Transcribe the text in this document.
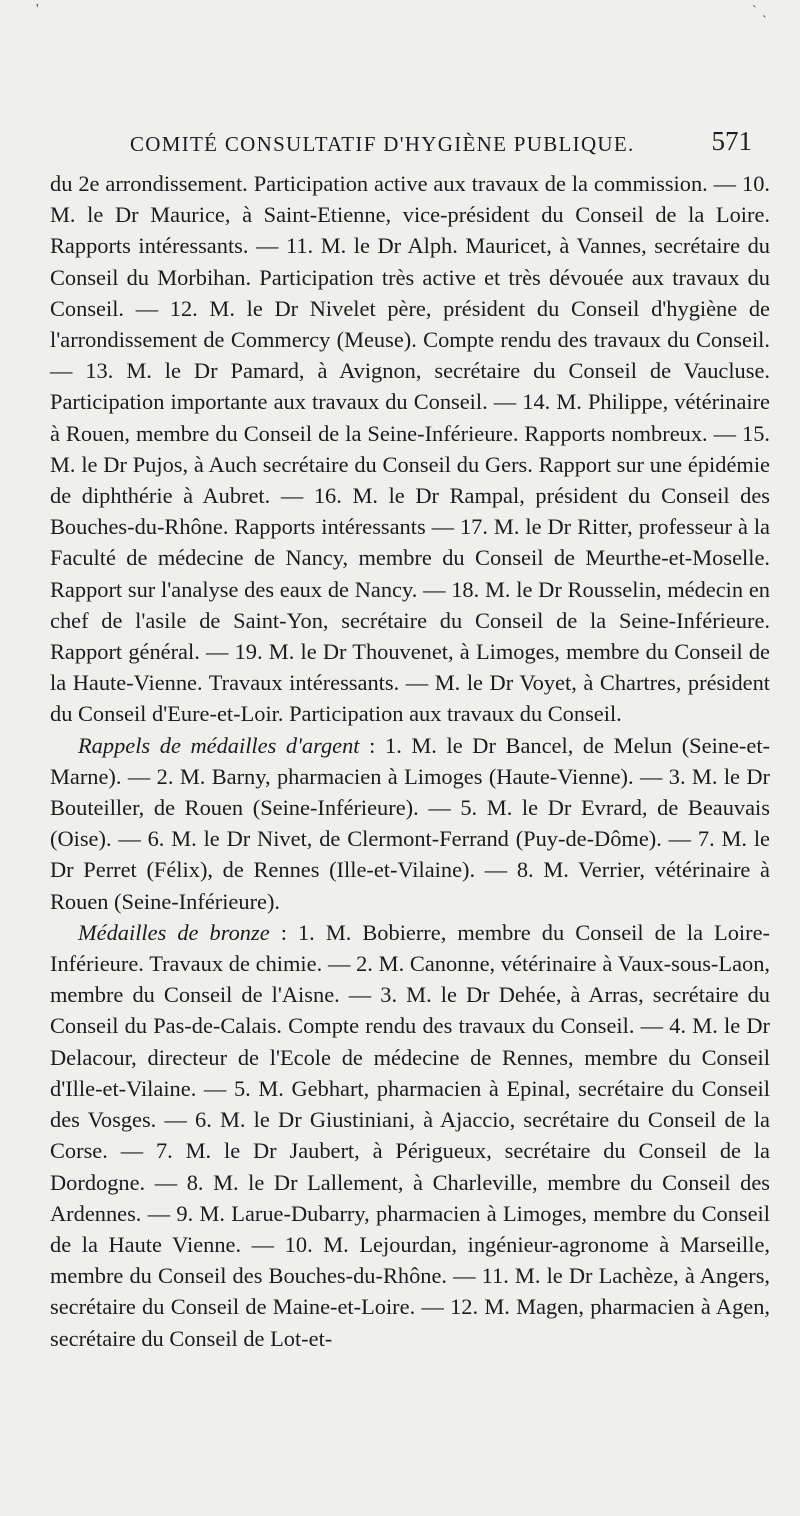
'	`
`
COMITÉ CONSULTATIF D'HYGIÈNE PUBLIQUE.	571

du 2e arrondissement. Participation active aux travaux de la commission. — 10. M. le Dr Maurice, à Saint-Etienne, vice-président du Conseil de la Loire. Rapports intéressants. — 11. M. le Dr Alph. Mauricet, à Vannes, secrétaire du Conseil du Morbihan. Participation très active et très dévouée aux travaux du Conseil. — 12. M. le Dr Nivelet père, président du Conseil d'hygiène de l'arrondissement de Commercy (Meuse). Compte rendu des travaux du Conseil. — 13. M. le Dr Pamard, à Avignon, secrétaire du Conseil de Vaucluse. Participation importante aux travaux du Conseil. — 14. M. Philippe, vétérinaire à Rouen, membre du Conseil de la Seine-Inférieure. Rapports nombreux. — 15. M. le Dr Pujos, à Auch secrétaire du Conseil du Gers. Rapport sur une épidémie de diphthérie à Aubret. — 16. M. le Dr Rampal, président du Conseil des Bouches-du-Rhône. Rapports intéressants — 17. M. le Dr Ritter, professeur à la Faculté de médecine de Nancy, membre du Conseil de Meurthe-et-Moselle. Rapport sur l'analyse des eaux de Nancy. — 18. M. le Dr Rousselin, médecin en chef de l'asile de Saint-Yon, secrétaire du Conseil de la Seine-Inférieure. Rapport général. — 19. M. le Dr Thouvenet, à Limoges, membre du Conseil de la Haute-Vienne. Travaux intéressants. — M. le Dr Voyet, à Chartres, président du Conseil d'Eure-et-Loir. Participation aux travaux du Conseil.

Rappels de médailles d'argent : 1. M. le Dr Bancel, de Melun (Seine-et-Marne). — 2. M. Barny, pharmacien à Limoges (Haute-Vienne). — 3. M. le Dr Bouteiller, de Rouen (Seine-Inférieure). — 5. M. le Dr Evrard, de Beauvais (Oise). — 6. M. le Dr Nivet, de Clermont-Ferrand (Puy-de-Dôme). — 7. M. le Dr Perret (Félix), de Rennes (Ille-et-Vilaine). — 8. M. Verrier, vétérinaire à Rouen (Seine-Inférieure).

Médailles de bronze : 1. M. Bobierre, membre du Conseil de la Loire-Inférieure. Travaux de chimie. — 2. M. Canonne, vétérinaire à Vaux-sous-Laon, membre du Conseil de l'Aisne. — 3. M. le Dr Dehée, à Arras, secrétaire du Conseil du Pas-de-Calais. Compte rendu des travaux du Conseil. — 4. M. le Dr Delacour, directeur de l'Ecole de médecine de Rennes, membre du Conseil d'Ille-et-Vilaine. — 5. M. Gebhart, pharmacien à Epinal, secrétaire du Conseil des Vosges. — 6. M. le Dr Giustiniani, à Ajaccio, secrétaire du Conseil de la Corse. — 7. M. le Dr Jaubert, à Périgueux, secrétaire du Conseil de la Dordogne. — 8. M. le Dr Lallement, à Charleville, membre du Conseil des Ardennes. — 9. M. Larue-Dubarry, pharmacien à Limoges, membre du Conseil de la Haute Vienne. — 10. M. Lejourdan, ingénieur-agronome à Marseille, membre du Conseil des Bouches-du-Rhône. — 11. M. le Dr Lachèze, à Angers, secrétaire du Conseil de Maine-et-Loire. — 12. M. Magen, pharmacien à Agen, secrétaire du Conseil de Lot-et-
